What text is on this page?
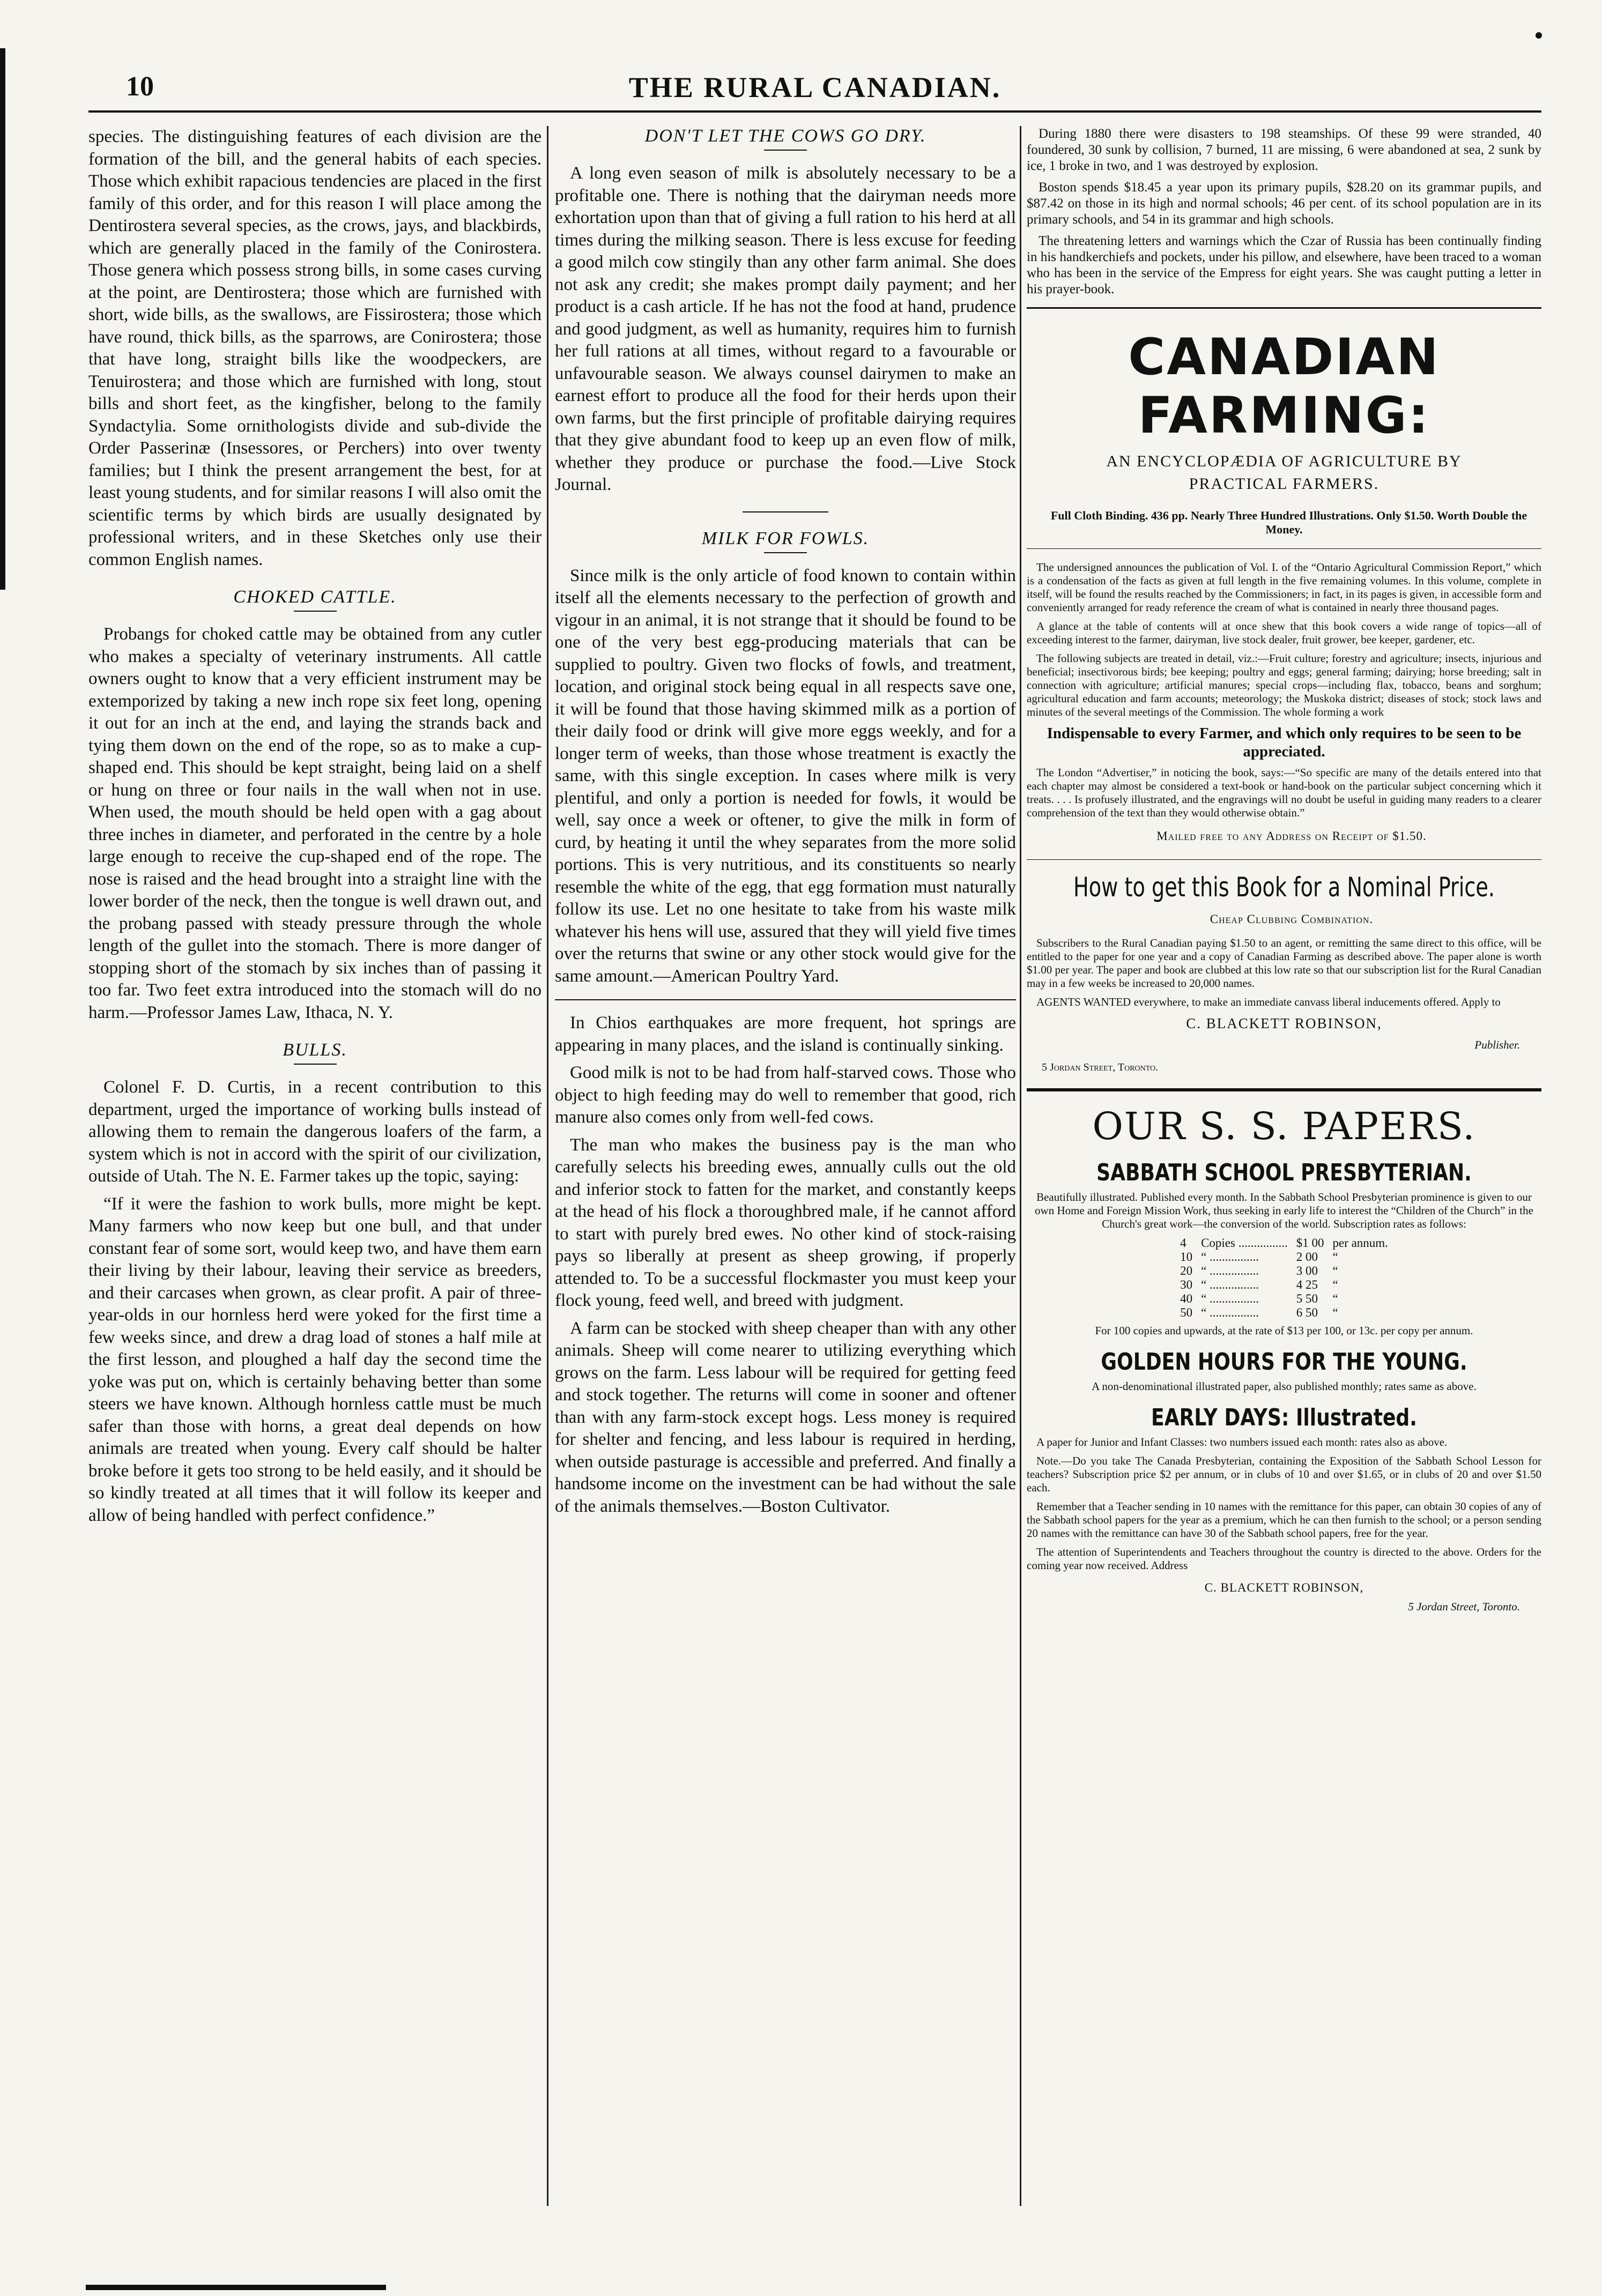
10	THE RURAL CANADIAN.

species. The distinguishing features of each division are the formation of the bill, and the general habits of each species. Those which exhibit rapacious tendencies are placed in the first family of this order, and for this reason I will place among the Dentirostera several species, as the crows, jays, and blackbirds, which are generally placed in the family of the Conirostera. Those genera which possess strong bills, in some cases curving at the point, are Dentirostera; those which are furnished with short, wide bills, as the swallows, are Fissirostera; those which have round, thick bills, as the sparrows, are Conirostera; those that have long, straight bills like the woodpeckers, are Tenuirostera; and those which are furnished with long, stout bills and short feet, as the kingfisher, belong to the family Syndactylia. Some ornithologists divide and sub-divide the Order Passerinæ (Insessores, or Perchers) into over twenty families; but I think the present arrangement the best, for at least young students, and for similar reasons I will also omit the scientific terms by which birds are usually designated by professional writers, and in these Sketches only use their common English names.

CHOKED CATTLE.

Probangs for choked cattle may be obtained from any cutler who makes a specialty of veterinary instruments. All cattle owners ought to know that a very efficient instrument may be extemporized by taking a new inch rope six feet long, opening it out for an inch at the end, and laying the strands back and tying them down on the end of the rope, so as to make a cup-shaped end. This should be kept straight, being laid on a shelf or hung on three or four nails in the wall when not in use. When used, the mouth should be held open with a gag about three inches in diameter, and perforated in the centre by a hole large enough to receive the cup-shaped end of the rope. The nose is raised and the head brought into a straight line with the lower border of the neck, then the tongue is well drawn out, and the probang passed with steady pressure through the whole length of the gullet into the stomach. There is more danger of stopping short of the stomach by six inches than of passing it too far. Two feet extra introduced into the stomach will do no harm.—Professor James Law, Ithaca, N. Y.

BULLS.

Colonel F. D. Curtis, in a recent contribution to this department, urged the importance of working bulls instead of allowing them to remain the dangerous loafers of the farm, a system which is not in accord with the spirit of our civilization, outside of Utah. The N. E. Farmer takes up the topic, saying:

“If it were the fashion to work bulls, more might be kept. Many farmers who now keep but one bull, and that under constant fear of some sort, would keep two, and have them earn their living by their labour, leaving their service as breeders, and their carcases when grown, as clear profit. A pair of three-year-olds in our hornless herd were yoked for the first time a few weeks since, and drew a drag load of stones a half mile at the first lesson, and ploughed a half day the second time the yoke was put on, which is certainly behaving better than some steers we have known. Although hornless cattle must be much safer than those with horns, a great deal depends on how animals are treated when young. Every calf should be halter broke before it gets too strong to be held easily, and it should be so kindly treated at all times that it will follow its keeper and allow of being handled with perfect confidence.”

DON'T LET THE COWS GO DRY.

A long even season of milk is absolutely necessary to be a profitable one. There is nothing that the dairyman needs more exhortation upon than that of giving a full ration to his herd at all times during the milking season. There is less excuse for feeding a good milch cow stingily than any other farm animal. She does not ask any credit; she makes prompt daily payment; and her product is a cash article. If he has not the food at hand, prudence and good judgment, as well as humanity, requires him to furnish her full rations at all times, without regard to a favourable or unfavourable season. We always counsel dairymen to make an earnest effort to produce all the food for their herds upon their own farms, but the first principle of profitable dairying requires that they give abundant food to keep up an even flow of milk, whether they produce or purchase the food.—Live Stock Journal.

MILK FOR FOWLS.

Since milk is the only article of food known to contain within itself all the elements necessary to the perfection of growth and vigour in an animal, it is not strange that it should be found to be one of the very best egg-producing materials that can be supplied to poultry. Given two flocks of fowls, and treatment, location, and original stock being equal in all respects save one, it will be found that those having skimmed milk as a portion of their daily food or drink will give more eggs weekly, and for a longer term of weeks, than those whose treatment is exactly the same, with this single exception. In cases where milk is very plentiful, and only a portion is needed for fowls, it would be well, say once a week or oftener, to give the milk in form of curd, by heating it until the whey separates from the more solid portions. This is very nutritious, and its constituents so nearly resemble the white of the egg, that egg formation must naturally follow its use. Let no one hesitate to take from his waste milk whatever his hens will use, assured that they will yield five times over the returns that swine or any other stock would give for the same amount.—American Poultry Yard.

In Chios earthquakes are more frequent, hot springs are appearing in many places, and the island is continually sinking.

Good milk is not to be had from half-starved cows. Those who object to high feeding may do well to remember that good, rich manure also comes only from well-fed cows.

The man who makes the business pay is the man who carefully selects his breeding ewes, annually culls out the old and inferior stock to fatten for the market, and constantly keeps at the head of his flock a thoroughbred male, if he cannot afford to start with purely bred ewes. No other kind of stock-raising pays so liberally at present as sheep growing, if properly attended to. To be a successful flockmaster you must keep your flock young, feed well, and breed with judgment.

A farm can be stocked with sheep cheaper than with any other animals. Sheep will come nearer to utilizing everything which grows on the farm. Less labour will be required for getting feed and stock together. The returns will come in sooner and oftener than with any farm-stock except hogs. Less money is required for shelter and fencing, and less labour is required in herding, when outside pasturage is accessible and preferred. And finally a handsome income on the investment can be had without the sale of the animals themselves.—Boston Cultivator.

During 1880 there were disasters to 198 steamships. Of these 99 were stranded, 40 foundered, 30 sunk by collision, 7 burned, 11 are missing, 6 were abandoned at sea, 2 sunk by ice, 1 broke in two, and 1 was destroyed by explosion.

Boston spends $18.45 a year upon its primary pupils, $28.20 on its grammar pupils, and $87.42 on those in its high and normal schools; 46 per cent. of its school population are in its primary schools, and 54 in its grammar and high schools.

The threatening letters and warnings which the Czar of Russia has been continually finding in his handkerchiefs and pockets, under his pillow, and elsewhere, have been traced to a woman who has been in the service of the Empress for eight years. She was caught putting a letter in his prayer-book.

CANADIAN FARMING:

AN ENCYCLOPÆDIA OF AGRICULTURE BY

PRACTICAL FARMERS.

Full Cloth Binding. 436 pp. Nearly Three Hundred Illustrations. Only $1.50. Worth Double the Money.

The undersigned announces the publication of Vol. I. of the “Ontario Agricultural Commission Report,” which is a condensation of the facts as given at full length in the five remaining volumes. In this volume, complete in itself, will be found the results reached by the Commissioners; in fact, in its pages is given, in accessible form and conveniently arranged for ready reference the cream of what is contained in nearly three thousand pages.

A glance at the table of contents will at once shew that this book covers a wide range of topics—all of exceeding interest to the farmer, dairyman, live stock dealer, fruit grower, bee keeper, gardener, etc.

The following subjects are treated in detail, viz.:—Fruit culture; forestry and agriculture; insects, injurious and beneficial; insectivorous birds; bee keeping; poultry and eggs; general farming; dairying; horse breeding; salt in connection with agriculture; artificial manures; special crops—including flax, tobacco, beans and sorghum; agricultural education and farm accounts; meteorology; the Muskoka district; diseases of stock; stock laws and minutes of the several meetings of the Commission. The whole forming a work

Indispensable to every Farmer, and which only requires to be seen to be appreciated.

The London “Advertiser,” in noticing the book, says:—“So specific are many of the details entered into that each chapter may almost be considered a text-book or hand-book on the particular subject concerning which it treats. . . . Is profusely illustrated, and the engravings will no doubt be useful in guiding many readers to a clearer comprehension of the text than they would otherwise obtain.”

Mailed free to any Address on Receipt of $1.50.

How to get this Book for a Nominal Price.

Cheap Clubbing Combination.

Subscribers to the Rural Canadian paying $1.50 to an agent, or remitting the same direct to this office, will be entitled to the paper for one year and a copy of Canadian Farming as described above. The paper alone is worth $1.00 per year. The paper and book are clubbed at this low rate so that our subscription list for the Rural Canadian may in a few weeks be increased to 20,000 names.

AGENTS WANTED everywhere, to make an immediate canvass liberal inducements offered. Apply to

C. BLACKETT ROBINSON,

Publisher.

5 Jordan Street, Toronto.

OUR S. S. PAPERS.
SABBATH SCHOOL PRESBYTERIAN.

Beautifully illustrated. Published every month. In the Sabbath School Presbyterian prominence is given to our own Home and Foreign Mission Work, thus seeking in early life to interest the “Children of the Church” in the Church's great work—the conversion of the world. Subscription rates as follows:

4	Copies ................	$1 00	per annum.
10	“ ................	2 00	“
20	“ ................	3 00	“
30	“ ................	4 25	“
40	“ ................	5 50	“
50	“ ................	6 50	“

For 100 copies and upwards, at the rate of $13 per 100, or 13c. per copy per annum.

GOLDEN HOURS FOR THE YOUNG.

A non-denominational illustrated paper, also published monthly; rates same as above.

EARLY DAYS: Illustrated.

A paper for Junior and Infant Classes: two numbers issued each month: rates also as above.

Note.—Do you take The Canada Presbyterian, containing the Exposition of the Sabbath School Lesson for teachers? Subscription price $2 per annum, or in clubs of 10 and over $1.65, or in clubs of 20 and over $1.50 each.

Remember that a Teacher sending in 10 names with the remittance for this paper, can obtain 30 copies of any of the Sabbath school papers for the year as a premium, which he can then furnish to the school; or a person sending 20 names with the remittance can have 30 of the Sabbath school papers, free for the year.

The attention of Superintendents and Teachers throughout the country is directed to the above. Orders for the coming year now received. Address

C. BLACKETT ROBINSON,

5 Jordan Street, Toronto.
